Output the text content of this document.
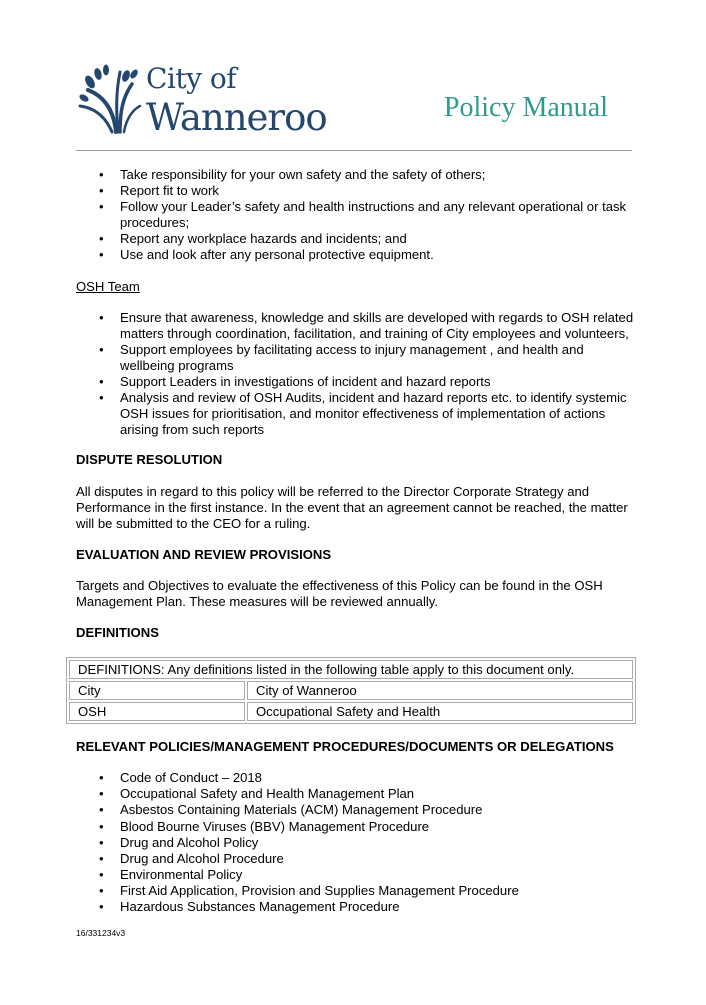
City of
Wanneroo	Policy Manual
• Take responsibility for your own safety and the safety of others;
• Report fit to work
• Follow your Leader’s safety and health instructions and any relevant operational or task procedures;
• Report any workplace hazards and incidents; and
• Use and look after any personal protective equipment.

OSH Team

• Ensure that awareness, knowledge and skills are developed with regards to OSH related matters through coordination, facilitation, and training of City employees and volunteers,
• Support employees by facilitating access to injury management , and health and wellbeing programs
• Support Leaders in investigations of incident and hazard reports
• Analysis and review of OSH Audits, incident and hazard reports etc. to identify systemic OSH issues for prioritisation, and monitor effectiveness of implementation of actions arising from such reports

DISPUTE RESOLUTION

All disputes in regard to this policy will be referred to the Director Corporate Strategy and Performance in the first instance. In the event that an agreement cannot be reached, the matter will be submitted to the CEO for a ruling.

EVALUATION AND REVIEW PROVISIONS

Targets and Objectives to evaluate the effectiveness of this Policy can be found in the OSH Management Plan. These measures will be reviewed annually.

DEFINITIONS

DEFINITIONS: Any definitions listed in the following table apply to this document only.	
City	City of Wanneroo
OSH	Occupational Safety and Health

RELEVANT POLICIES/MANAGEMENT PROCEDURES/DOCUMENTS OR DELEGATIONS

• Code of Conduct – 2018
• Occupational Safety and Health Management Plan
• Asbestos Containing Materials (ACM) Management Procedure
• Blood Bourne Viruses (BBV) Management Procedure
• Drug and Alcohol Policy
• Drug and Alcohol Procedure
• Environmental Policy
• First Aid Application, Provision and Supplies Management Procedure
• Hazardous Substances Management Procedure
16/331234v3
